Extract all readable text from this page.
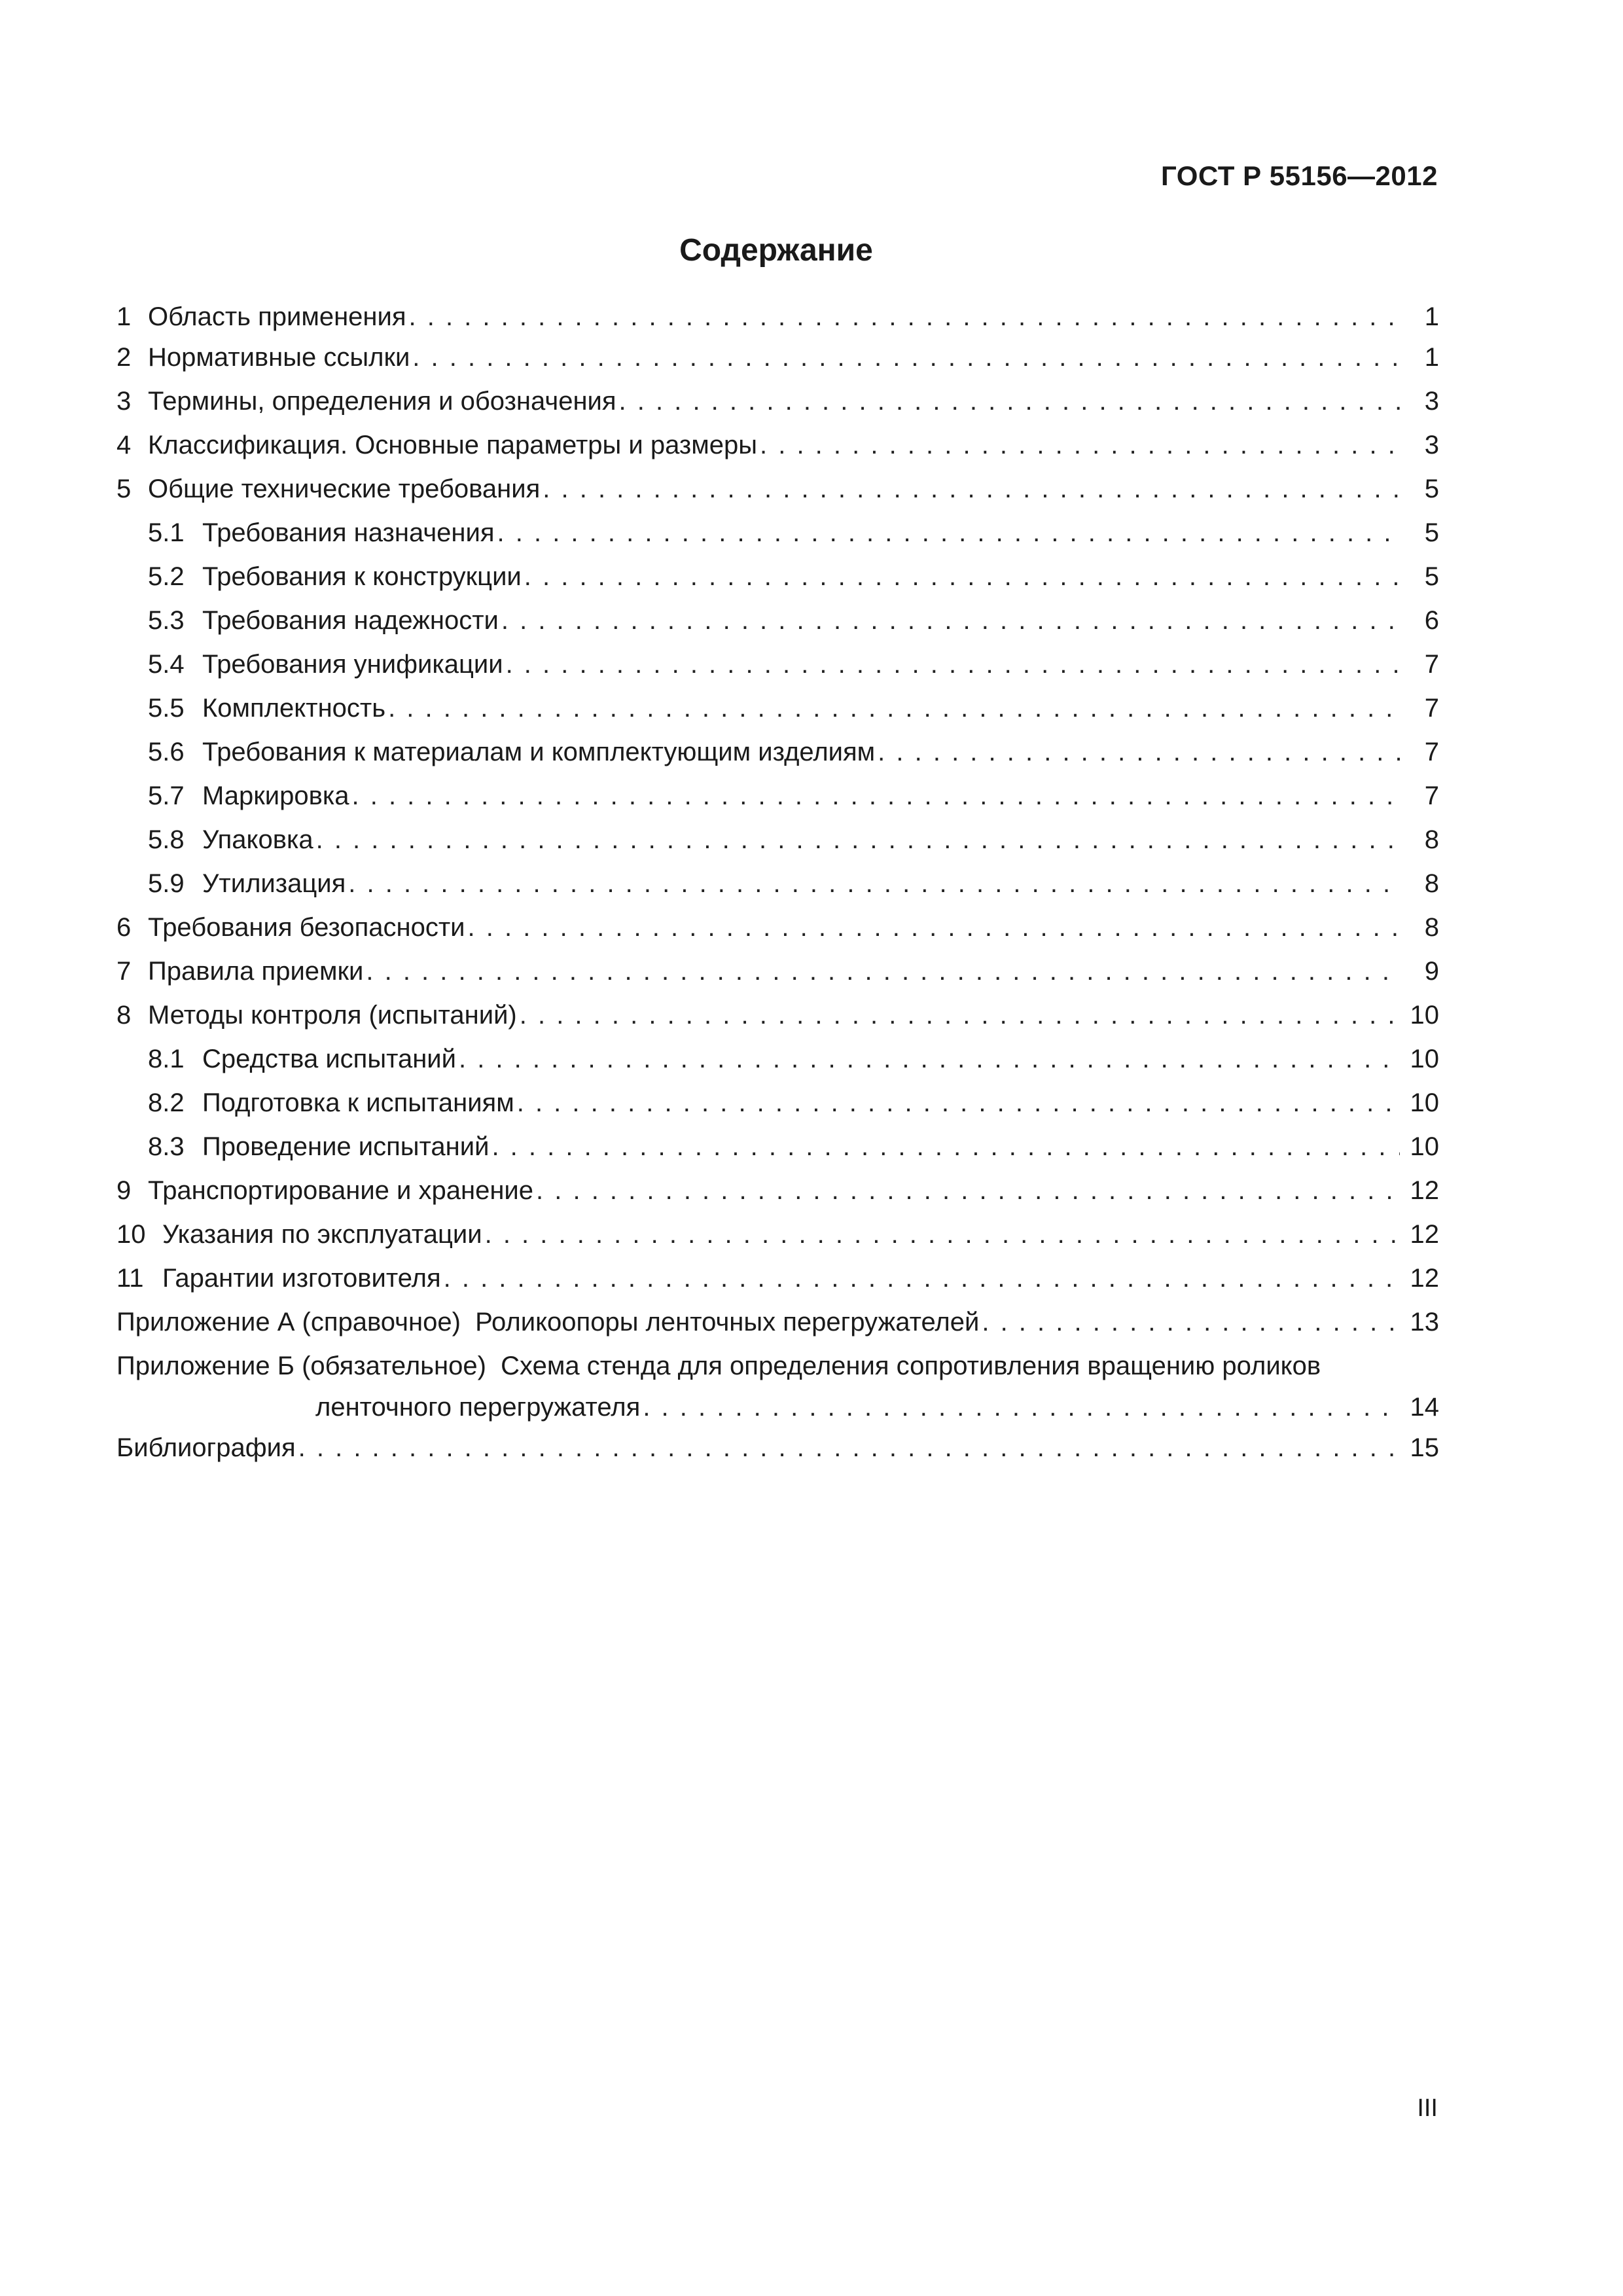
ГОСТ Р 55156—2012
Содержание
1 Область применения . . .	1
2 Нормативные ссылки . . .	1
3 Термины, определения и обозначения . . .	3
4 Классификация. Основные параметры и размеры . . .	3
5 Общие технические требования . . .	5
5.1 Требования назначения . . .	5
5.2 Требования к конструкции . . .	5
5.3 Требования надежности . . .	6
5.4 Требования унификации . . .	7
5.5 Комплектность . . .	7
5.6 Требования к материалам и комплектующим изделиям . . .	7
5.7 Маркировка . . .	7
5.8 Упаковка . . .	8
5.9 Утилизация . . .	8
6 Требования безопасности . . .	8
7 Правила приемки . . .	9
8 Методы контроля (испытаний) . . .	10
8.1 Средства испытаний . . .	10
8.2 Подготовка к испытаниям . . .	10
8.3 Проведение испытаний . . .	10
9 Транспортирование и хранение . . .	12
10 Указания по эксплуатации . . .	12
11 Гарантии изготовителя . . .	12
Приложение А (справочное)  Роликоопоры ленточных перегружателей . . .	13
Приложение Б (обязательное)  Схема стенда для определения сопротивления вращению роликов
ленточного перегружателя . . .	14
Библиография . . .	15
III
